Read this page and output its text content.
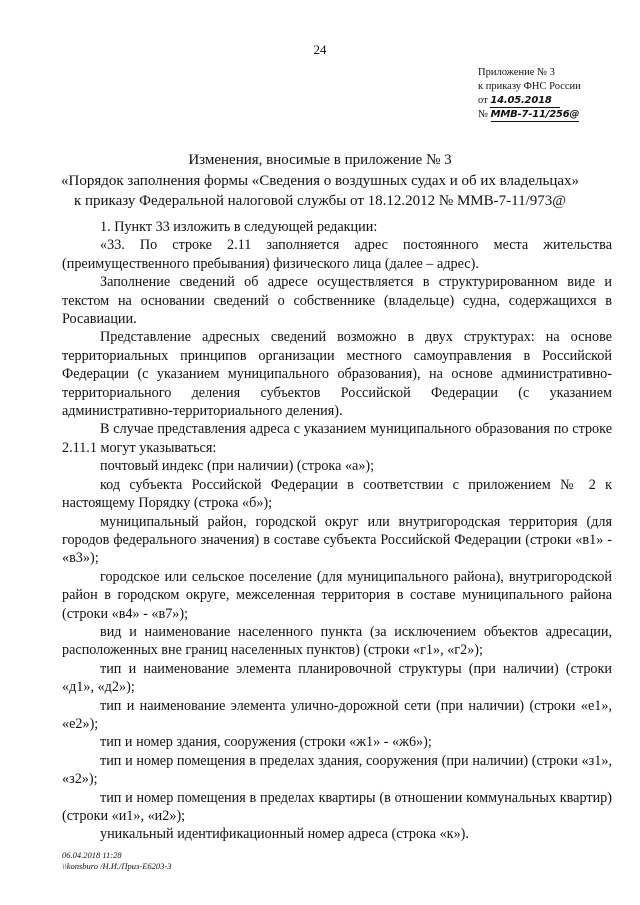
24
Приложение № 3
к приказу ФНС России
от 14.05.2018
№ ММВ-7-11/256@
Изменения, вносимые в приложение № 3
«Порядок заполнения формы «Сведения о воздушных судах и об их владельцах»
к приказу Федеральной налоговой службы от 18.12.2012 № ММВ-7-11/973@

1. Пункт 33 изложить в следующей редакции:

«33. По строке 2.11 заполняется адрес постоянного места жительства (преимущественного пребывания) физического лица (далее – адрес).

Заполнение сведений об адресе осуществляется в структурированном виде и текстом на основании сведений о собственнике (владельце) судна, содержащихся в Росавиации.

Представление адресных сведений возможно в двух структурах: на основе территориальных принципов организации местного самоуправления в Российской Федерации (с указанием муниципального образования), на основе административно-территориального деления субъектов Российской Федерации (с указанием административно-территориального деления).

В случае представления адреса с указанием муниципального образования по строке 2.11.1 могут указываться:

почтовый индекс (при наличии) (строка «а»);

код субъекта Российской Федерации в соответствии с приложением № 2 к настоящему Порядку (строка «б»);

муниципальный район, городской округ или внутригородская территория (для городов федерального значения) в составе субъекта Российской Федерации (строки «в1» - «в3»);

городское или сельское поселение (для муниципального района), внутригородской район в городском округе, межселенная территория в составе муниципального района (строки «в4» - «в7»);

вид и наименование населенного пункта (за исключением объектов адресации, расположенных вне границ населенных пунктов) (строки «г1», «г2»);

тип и наименование элемента планировочной структуры (при наличии) (строки «д1», «д2»);

тип и наименование элемента улично-дорожной сети (при наличии) (строки «е1», «е2»);

тип и номер здания, сооружения (строки «ж1» - «ж6»);

тип и номер помещения в пределах здания, сооружения (при наличии) (строки «з1», «з2»);

тип и номер помещения в пределах квартиры (в отношении коммунальных квартир) (строки «и1», «и2»);

уникальный идентификационный номер адреса (строка «к»).

06.04.2018 11:28
\\konsburo /Н.И./Приз-Е6203-3
